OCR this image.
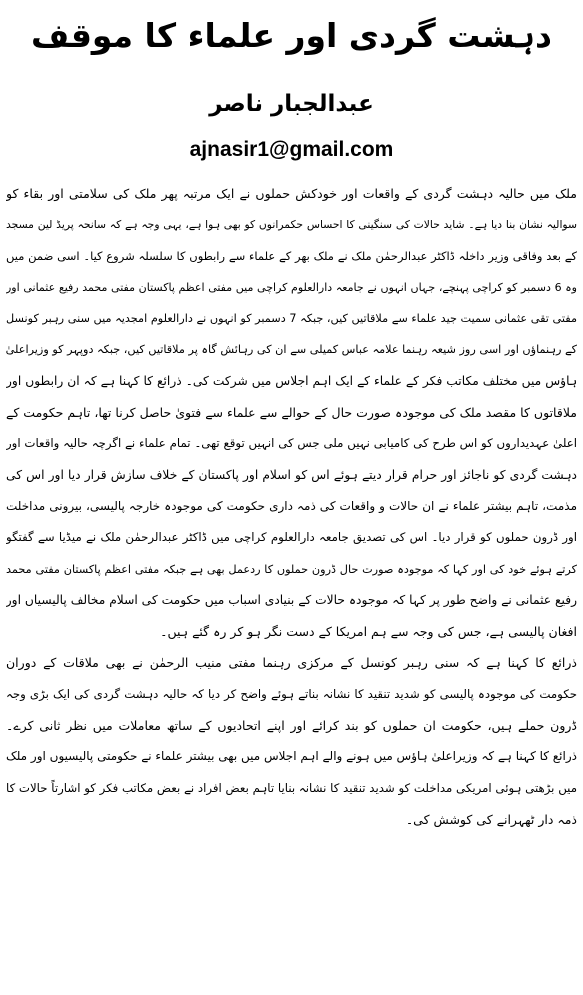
دہشت گردی اور علماء کا موقف
عبدالجبار ناصر
ajnasir1@gmail.com
ملک میں حالیہ دہشت گردی کے واقعات اور خودکش حملوں نے ایک مرتبہ پھر ملک کی سلامتی اور بقاء کو
سوالیہ نشان بنا دیا ہے۔ شاید حالات کی سنگینی کا احساس حکمرانوں کو بھی ہوا ہے، یہی وجہ ہے کہ سانحہ پریڈ لین مسجد
کے بعد وفاقی وزیر داخلہ ڈاکٹر عبدالرحمٰن ملک نے ملک بھر کے علماء سے رابطوں کا سلسلہ شروع کیا۔ اسی ضمن میں
وہ 6 دسمبر کو کراچی پہنچے، جہاں انہوں نے جامعہ دارالعلوم کراچی میں مفتی اعظم پاکستان مفتی محمد رفیع عثمانی اور
مفتی تقی عثمانی سمیت جید علماء سے ملاقاتیں کیں، جبکہ 7 دسمبر کو انہوں نے دارالعلوم امجدیہ میں سنی رہبر کونسل
کے رہنماؤں اور اسی روز شیعہ رہنما علامہ عباس کمیلی سے ان کی رہائش گاہ پر ملاقاتیں کیں، جبکہ دوپہر کو وزیراعلیٰ
ہاؤس میں مختلف مکاتب فکر کے علماء کے ایک اہم اجلاس میں شرکت کی۔ ذرائع کا کہنا ہے کہ ان رابطوں اور
ملاقاتوں کا مقصد ملک کی موجودہ صورت حال کے حوالے سے علماء سے فتویٰ حاصل کرنا تھا، تاہم حکومت کے
اعلیٰ عہدیداروں کو اس طرح کی کامیابی نہیں ملی جس کی انہیں توقع تھی۔ تمام علماء نے اگرچہ حالیہ واقعات اور
دہشت گردی کو ناجائز اور حرام قرار دیتے ہوئے اس کو اسلام اور پاکستان کے خلاف سازش قرار دیا اور اس کی
مذمت، تاہم بیشتر علماء نے ان حالات و واقعات کی ذمہ داری حکومت کی موجودہ خارجہ پالیسی، بیرونی مداخلت
اور ڈرون حملوں کو قرار دیا۔ اس کی تصدیق جامعہ دارالعلوم کراچی میں ڈاکٹر عبدالرحمٰن ملک نے میڈیا سے گفتگو
کرتے ہوئے خود کی اور کہا کہ موجودہ صورت حال ڈرون حملوں کا ردعمل بھی ہے جبکہ مفتی اعظم پاکستان مفتی محمد
رفیع عثمانی نے واضح طور پر کہا کہ موجودہ حالات کے بنیادی اسباب میں حکومت کی اسلام مخالف پالیسیاں اور
افغان پالیسی ہے، جس کی وجہ سے ہم امریکا کے دست نگر ہو کر رہ گئے ہیں۔
ذرائع کا کہنا ہے کہ سنی رہبر کونسل کے مرکزی رہنما مفتی منیب الرحمٰن نے بھی ملاقات کے دوران
حکومت کی موجودہ پالیسی کو شدید تنقید کا نشانہ بناتے ہوئے واضح کر دیا کہ حالیہ دہشت گردی کی ایک بڑی وجہ
ڈرون حملے ہیں، حکومت ان حملوں کو بند کرائے اور اپنے اتحادیوں کے ساتھ معاملات میں نظر ثانی کرے۔
ذرائع کا کہنا ہے کہ وزیراعلیٰ ہاؤس میں ہونے والے اہم اجلاس میں بھی بیشتر علماء نے حکومتی پالیسیوں اور ملک
میں بڑھتی ہوئی امریکی مداخلت کو شدید تنقید کا نشانہ بنایا تاہم بعض افراد نے بعض مکاتب فکر کو اشارتاً حالات کا
ذمہ دار ٹھہرانے کی کوشش کی۔
